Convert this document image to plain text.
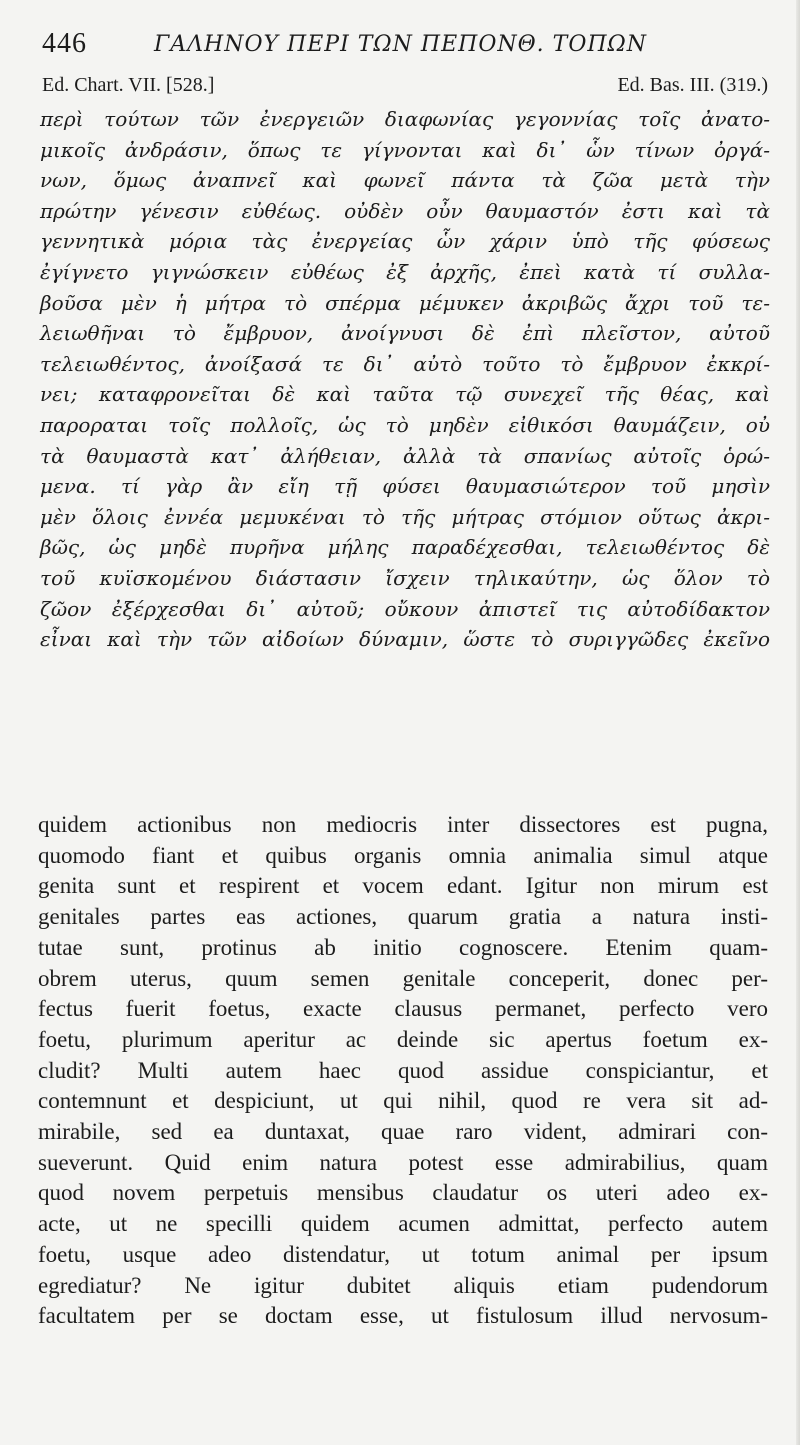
446	ΓΑΛΗΝΟΥ ΠΕΡΙ ΤΩΝ ΠΕΠΟΝΘ. ΤΟΠΩΝ
Ed. Chart. VII. [528.]	Ed. Bas. III. (319.)
περὶ τούτων τῶν ἐνεργειῶν διαφωνίας γεγοννίας τοῖς ἀνατο-
μικοῖς ἀνδράσιν, ὅπως τε γίγνονται καὶ δι᾽ ὧν τίνων ὀργά-
νων, ὅμως ἀναπνεῖ καὶ φωνεῖ πάντα τὰ ζῶα μετὰ τὴν
πρώτην γένεσιν εὐθέως. οὐδὲν οὖν θαυμαστόν ἐστι καὶ τὰ
γεννητικὰ μόρια τὰς ἐνεργείας ὧν χάριν ὑπὸ τῆς φύσεως
ἐγίγνετο γιγνώσκειν εὐθέως ἐξ ἀρχῆς, ἐπεὶ κατὰ τί συλλα-
βοῦσα μὲν ἡ μήτρα τὸ σπέρμα μέμυκεν ἀκριβῶς ἄχρι τοῦ τε-
λειωθῆναι τὸ ἔμβρυον, ἀνοίγνυσι δὲ ἐπὶ πλεῖστον, αὐτοῦ
τελειωθέντος, ἀνοίξασά τε δι᾽ αὐτὸ τοῦτο τὸ ἔμβρυον ἐκκρί-
νει; καταφρονεῖται δὲ καὶ ταῦτα τῷ συνεχεῖ τῆς θέας, καὶ
παροραται τοῖς πολλοῖς, ὡς τὸ μηδὲν εἰθικόσι θαυμάζειν, οὐ
τὰ θαυμαστὰ κατ᾽ ἀλήθειαν, ἀλλὰ τὰ σπανίως αὐτοῖς ὁρώ-
μενα. τί γὰρ ἂν εἴη τῇ φύσει θαυμασιώτερον τοῦ μησὶν
μὲν ὅλοις ἐννέα μεμυκέναι τὸ τῆς μήτρας στόμιον οὕτως ἀκρι-
βῶς, ὡς μηδὲ πυρῆνα μήλης παραδέχεσθαι, τελειωθέντος δὲ
τοῦ κυϊσκομένου διάστασιν ἴσχειν τηλικαύτην, ὡς ὅλον τὸ
ζῶον ἐξέρχεσθαι δι᾽ αὐτοῦ; οὔκουν ἀπιστεῖ τις αὐτοδίδακτον
εἶναι καὶ τὴν τῶν αἰδοίων δύναμιν, ὥστε τὸ συριγγῶδες ἐκεῖνο
quidem actionibus non mediocris inter dissectores est pugna,
quomodo fiant et quibus organis omnia animalia simul atque
genita sunt et respirent et vocem edant. Igitur non mirum est
genitales partes eas actiones, quarum gratia a natura insti-
tutae sunt, protinus ab initio cognoscere. Etenim quam-
obrem uterus, quum semen genitale conceperit, donec per-
fectus fuerit foetus, exacte clausus permanet, perfecto vero
foetu, plurimum aperitur ac deinde sic apertus foetum ex-
cludit? Multi autem haec quod assidue conspiciantur, et
contemnunt et despiciunt, ut qui nihil, quod re vera sit ad-
mirabile, sed ea duntaxat, quae raro vident, admirari con-
sueverunt. Quid enim natura potest esse admirabilius, quam
quod novem perpetuis mensibus claudatur os uteri adeo ex-
acte, ut ne specilli quidem acumen admittat, perfecto autem
foetu, usque adeo distendatur, ut totum animal per ipsum
egrediatur? Ne igitur dubitet aliquis etiam pudendorum
facultatem per se doctam esse, ut fistulosum illud nervosum-
